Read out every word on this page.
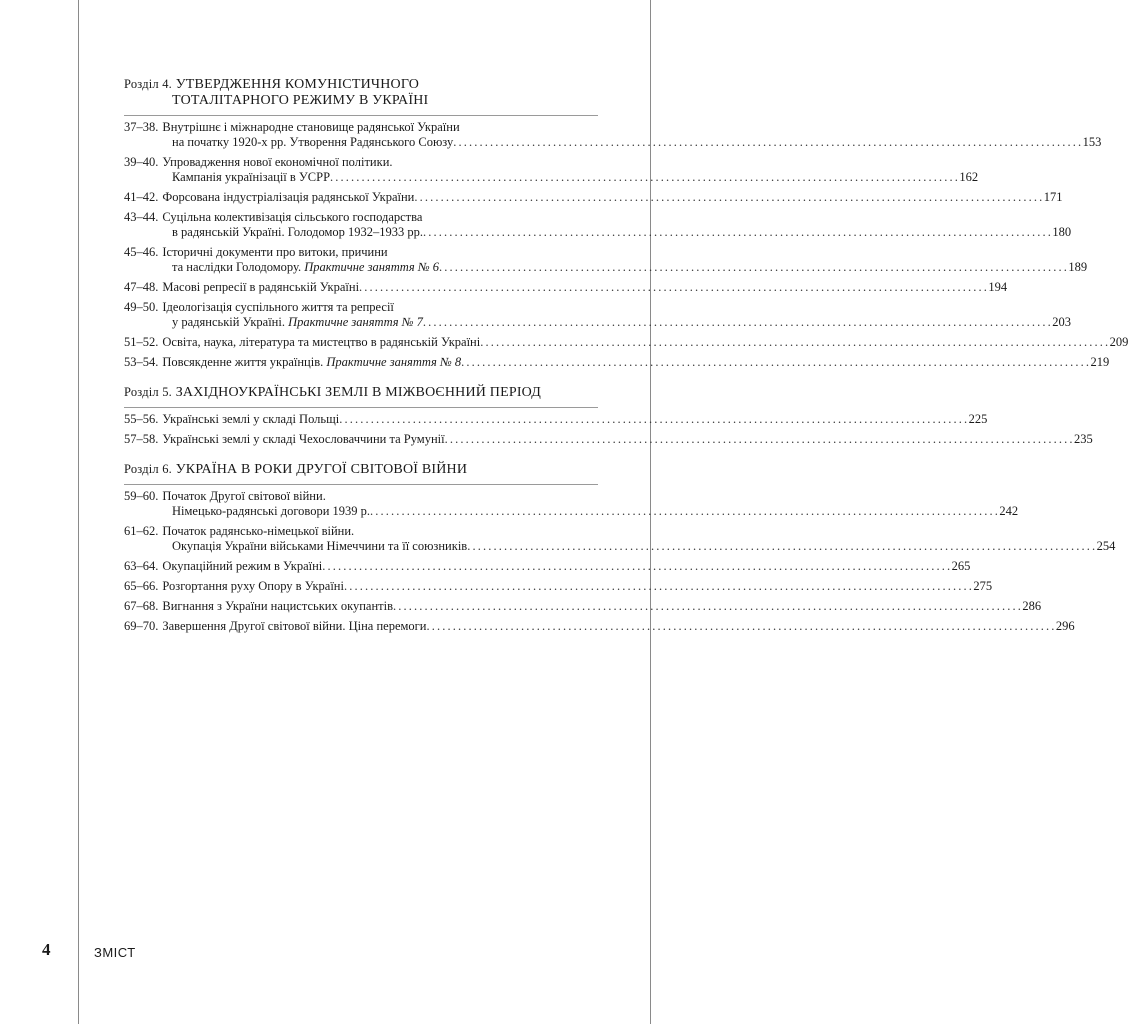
Розділ 4. УТВЕРДЖЕННЯ КОМУНІСТИЧНОГО
ТОТАЛІТАРНОГО РЕЖИМУ В УКРАЇНІ
37–38. Внутрішнє і міжнародне становище радянської України
на початку 1920-х рр. Утворення Радянського Союзу . . .	153
39–40. Упровадження нової економічної політики.
Кампанія українізації в УСРР . . .	162
41–42. Форсована індустріалізація радянської України . . .	171
43–44. Суцільна колективізація сільського господарства
в радянській Україні. Голодомор 1932–1933 рр. . . .	180
45–46. Історичні документи про витоки, причини
та наслідки Голодомору. Практичне заняття № 6 . . .	189
47–48. Масові репресії в радянській Україні . . .	194
49–50. Ідеологізація суспільного життя та репресії
у радянській Україні. Практичне заняття № 7 . . .	203
51–52. Освіта, наука, література та мистецтво в радянській Україні . . .	209
53–54. Повсякденне життя українців. Практичне заняття № 8 . . .	219
Розділ 5. ЗАХІДНОУКРАЇНСЬКІ ЗЕМЛІ В МІЖВОЄННИЙ ПЕРІОД
55–56. Українські землі у складі Польщі . . .	225
57–58. Українські землі у складі Чехословаччини та Румунії . . .	235
Розділ 6. УКРАЇНА В РОКИ ДРУГОЇ СВІТОВОЇ ВІЙНИ
59–60. Початок Другої світової війни.
Німецько-радянські договори 1939 р. . . .	242
61–62. Початок радянсько-німецької війни.
Окупація України військами Німеччини та її союзників . . .	254
63–64. Окупаційний режим в Україні . . .	265
65–66. Розгортання руху Опору в Україні . . .	275
67–68. Вигнання з України нацистських окупантів . . .	286
69–70. Завершення Другої світової війни. Ціна перемоги . . .	296
4	ЗМІСТ
